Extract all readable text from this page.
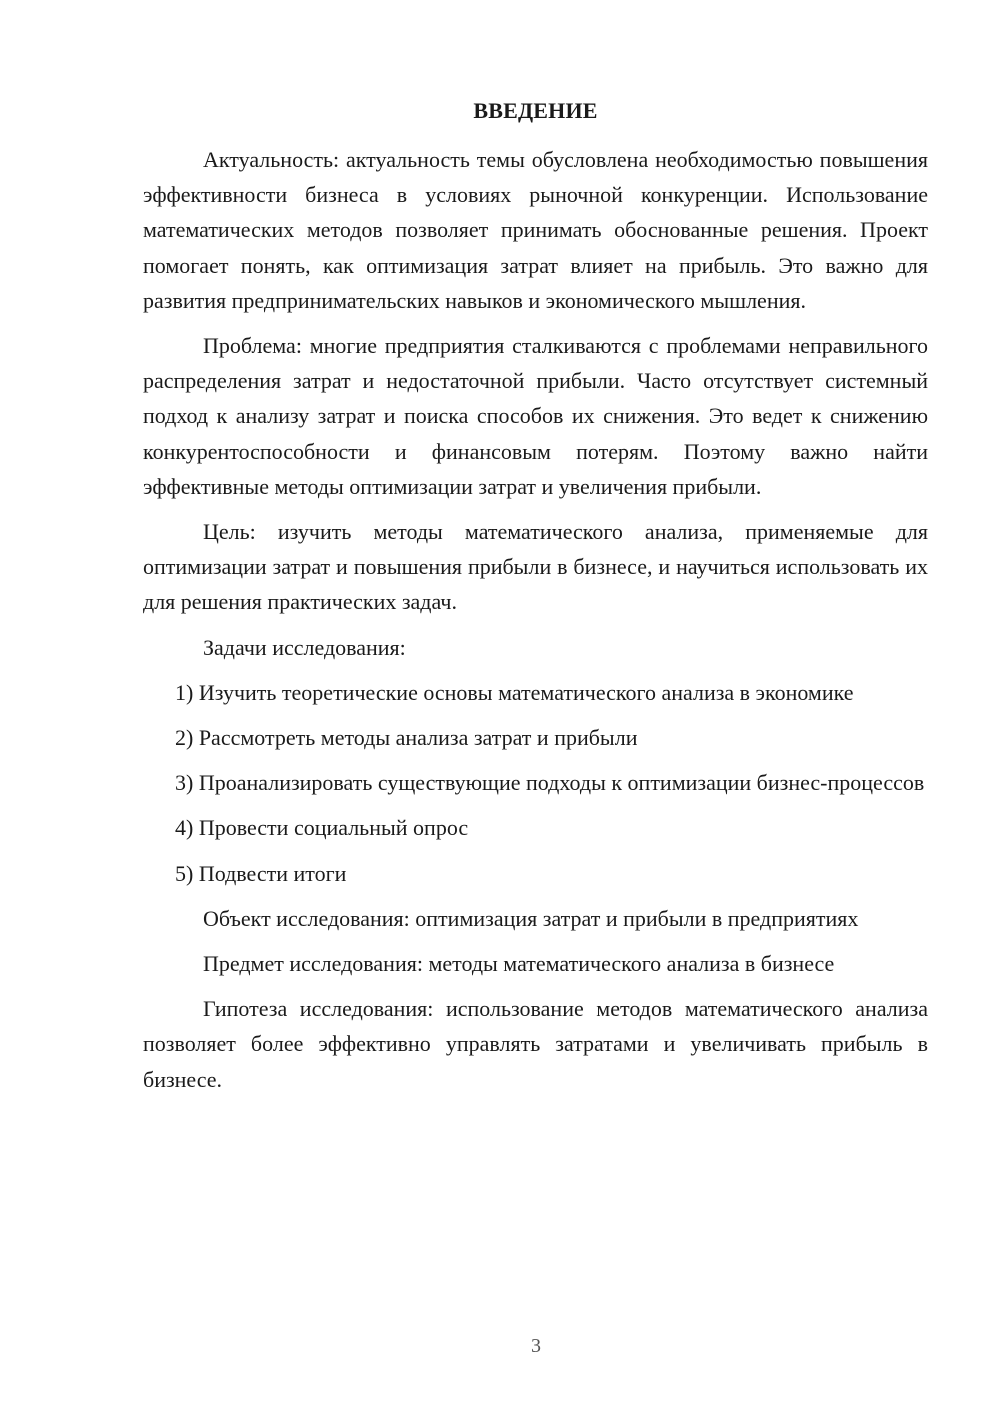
ВВЕДЕНИЕ

Актуальность: актуальность темы обусловлена необходимостью повышения эффективности бизнеса в условиях рыночной конкуренции. Использование математических методов позволяет принимать обоснованные решения. Проект помогает понять, как оптимизация затрат влияет на прибыль. Это важно для развития предпринимательских навыков и экономического мышления.

Проблема: многие предприятия сталкиваются с проблемами неправильного распределения затрат и недостаточной прибыли. Часто отсутствует системный подход к анализу затрат и поиска способов их снижения. Это ведет к снижению конкурентоспособности и финансовым потерям. Поэтому важно найти эффективные методы оптимизации затрат и увеличения прибыли.

Цель: изучить методы математического анализа, применяемые для оптимизации затрат и повышения прибыли в бизнесе, и научиться использовать их для решения практических задач.

Задачи исследования:

1) Изучить теоретические основы математического анализа в экономике

2) Рассмотреть методы анализа затрат и прибыли

3) Проанализировать существующие подходы к оптимизации бизнес-процессов

4) Провести социальный опрос

5) Подвести итоги

Объект исследования: оптимизация затрат и прибыли в предприятиях

Предмет исследования: методы математического анализа в бизнесе

Гипотеза исследования: использование методов математического анализа позволяет более эффективно управлять затратами и увеличивать прибыль в бизнесе.

3
